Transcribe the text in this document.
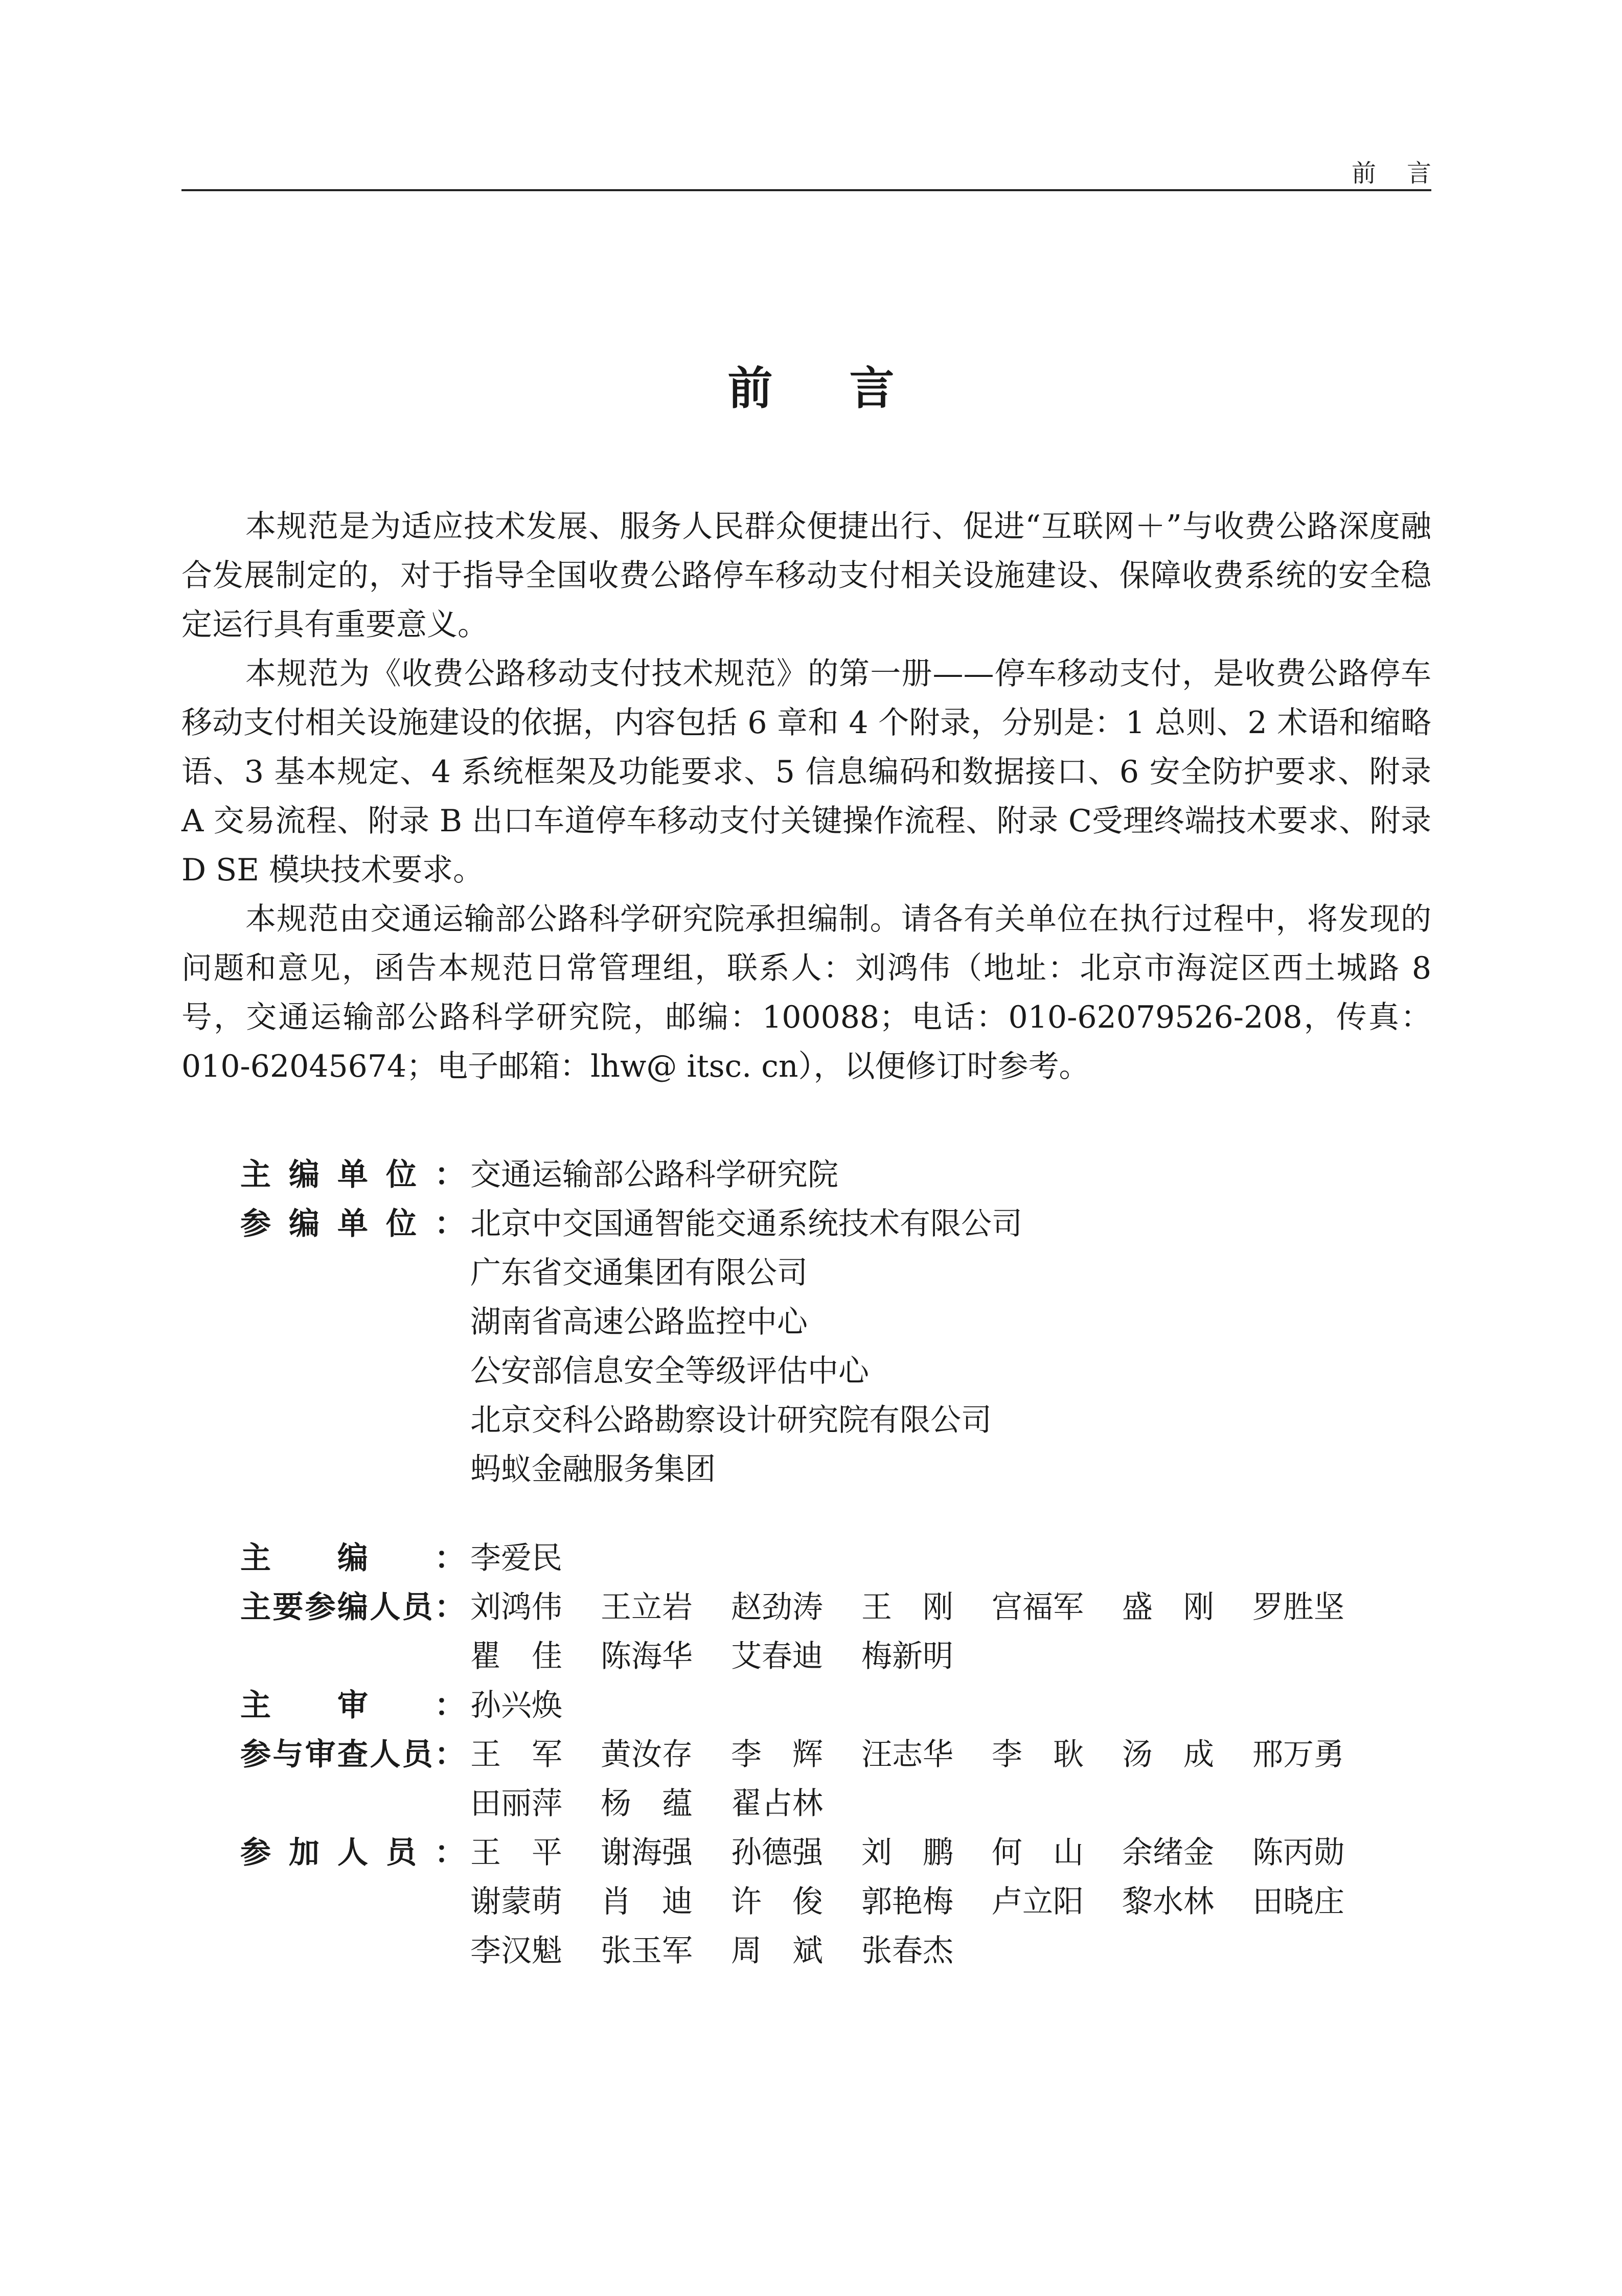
前言
前言

本规范是为适应技术发展、服务人民群众便捷出行、促进“互联网＋”与收费公路深度融合发展制定的，对于指导全国收费公路停车移动支付相关设施建设、保障收费系统的安全稳定运行具有重要意义。

本规范为《收费公路移动支付技术规范》的第一册——停车移动支付，是收费公路停车移动支付相关设施建设的依据，内容包括 6 章和 4 个附录，分别是：1 总则、2 术语和缩略语、3 基本规定、4 系统框架及功能要求、5 信息编码和数据接口、6 安全防护要求、附录 A 交易流程、附录 B 出口车道停车移动支付关键操作流程、附录 C受理终端技术要求、附录 D SE 模块技术要求。

本规范由交通运输部公路科学研究院承担编制。请各有关单位在执行过程中，将发现的问题和意见，函告本规范日常管理组，联系人：刘鸿伟（地址：北京市海淀区西土城路 8 号，交通运输部公路科学研究院，邮编：100088；电话：010-62079526-208，传真：010-62045674；电子邮箱：lhw@ itsc. cn），以便修订时参考。

主 编 单 位 ： 交通运输部公路科学研究院
参 编 单 位 ： 北京中交国通智能交通系统技术有限公司
广东省交通集团有限公司
湖南省高速公路监控中心
公安部信息安全等级评估中心
北京交科公路勘察设计研究院有限公司
蚂蚁金融服务集团
主 编 ： 李爱民
主 要 参 编 人 员 ： 刘鸿伟	王立岩	赵劲涛	王　刚	宫福军	盛　刚	罗胜坚
瞿　佳	陈海华	艾春迪	梅新明
主 审 ： 孙兴焕
参 与 审 查 人 员 ： 王　军	黄汝存	李　辉	汪志华	李　耿	汤　成	邢万勇
田丽萍	杨　蕴	翟占林
参 加 人 员 ： 王　平	谢海强	孙德强	刘　鹏	何　山	余绪金	陈丙勋
谢蒙萌	肖　迪	许　俊	郭艳梅	卢立阳	黎水林	田晓庄
李汉魁	张玉军	周　斌	张春杰
